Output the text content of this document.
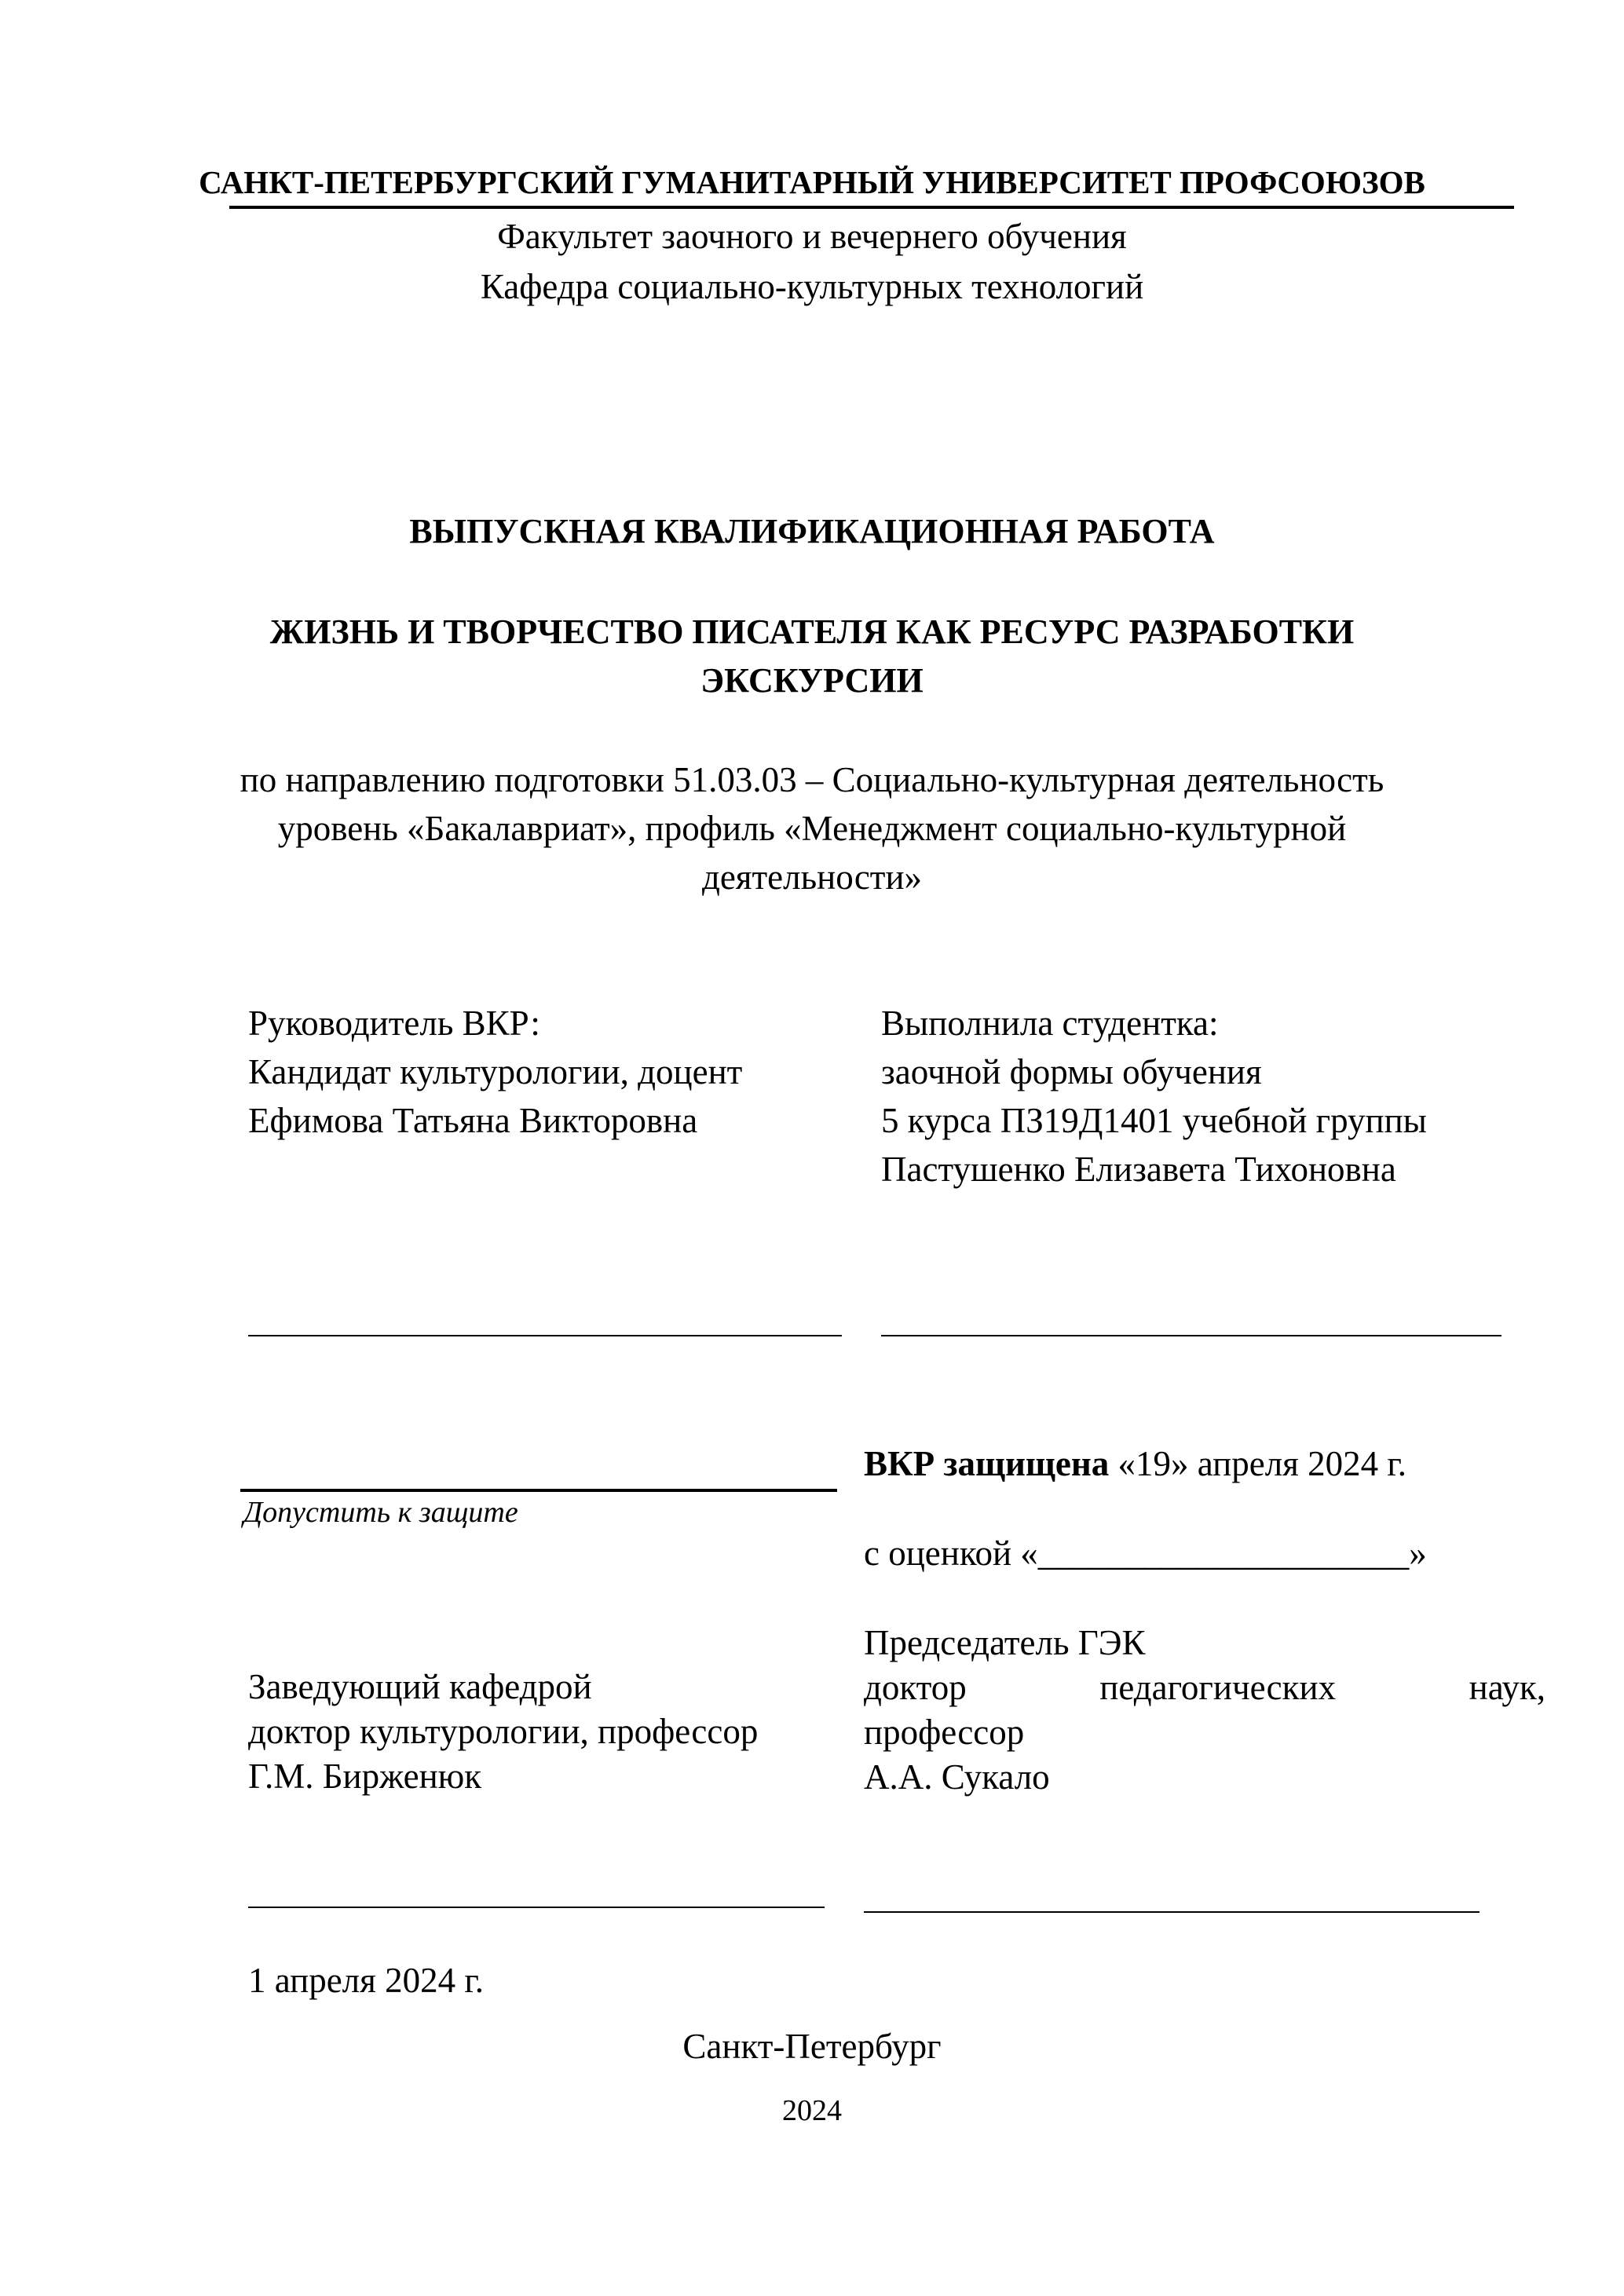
САНКТ-ПЕТЕРБУРГСКИЙ ГУМАНИТАРНЫЙ УНИВЕРСИТЕТ ПРОФСОЮЗОВ
Факультет заочного и вечернего обучения
Кафедра социально-культурных технологий
ВЫПУСКНАЯ КВАЛИФИКАЦИОННАЯ РАБОТА
ЖИЗНЬ И ТВОРЧЕСТВО ПИСАТЕЛЯ КАК РЕСУРС РАЗРАБОТКИ
ЭКСКУРСИИ
по направлению подготовки 51.03.03 – Социально-культурная деятельность
уровень «Бакалавриат», профиль «Менеджмент социально-культурной
деятельности»
Руководитель ВКР:
Кандидат культурологии, доцент
Ефимова Татьяна Викторовна
Выполнила студентка:
заочной формы обучения
5 курса ПЗ19Д1401 учебной группы
Пастушенко Елизавета Тихоновна
Допустить к защите
ВКР защищена «19» апреля 2024 г.
с оценкой «_____________________»
Заведующий кафедрой
доктор культурологии, профессор
Г.М. Бирженюк
Председатель ГЭК
доктор	педагогических	наук,
профессор
А.А. Сукало
1 апреля 2024 г.
Санкт-Петербург
2024
